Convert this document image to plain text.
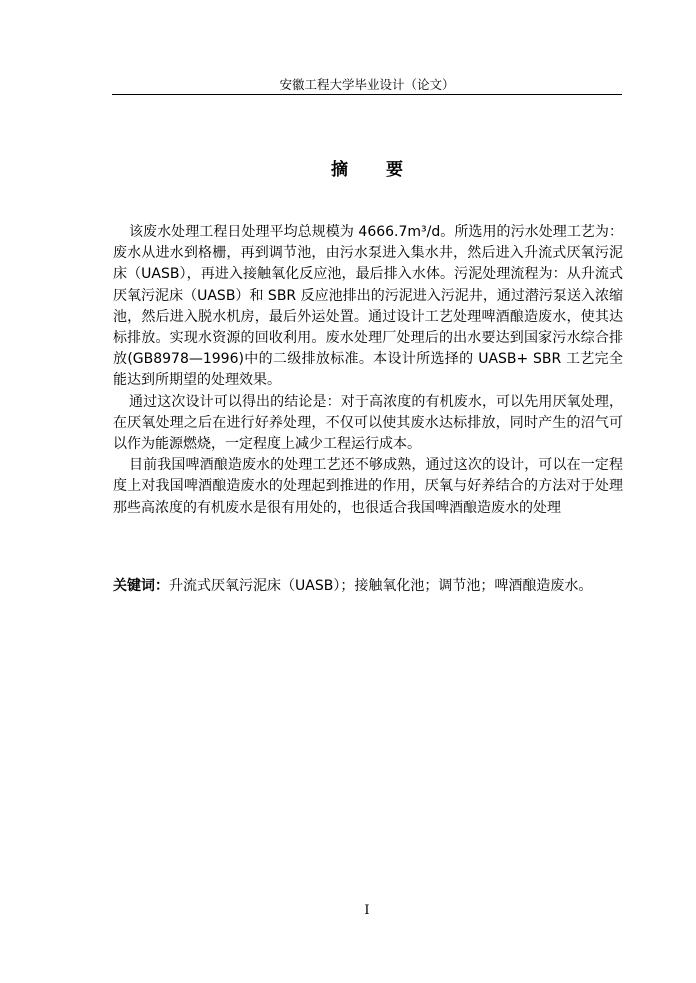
安徽工程大学毕业设计（论文）
摘要

该废水处理工程日处理平均总规模为 4666.7m³/d。所选用的污水处理工艺为：废水从进水到格栅，再到调节池，由污水泵进入集水井，然后进入升流式厌氧污泥床（UASB），再进入接触氧化反应池，最后排入水体。污泥处理流程为：从升流式厌氧污泥床（UASB）和 SBR 反应池排出的污泥进入污泥井，通过潜污泵送入浓缩池，然后进入脱水机房，最后外运处置。通过设计工艺处理啤酒酿造废水，使其达标排放。实现水资源的回收利用。废水处理厂处理后的出水要达到国家污水综合排放(GB8978—1996)中的二级排放标准。本设计所选择的 UASB+ SBR 工艺完全能达到所期望的处理效果。

通过这次设计可以得出的结论是：对于高浓度的有机废水，可以先用厌氧处理，在厌氧处理之后在进行好养处理，不仅可以使其废水达标排放，同时产生的沼气可以作为能源燃烧，一定程度上减少工程运行成本。

目前我国啤酒酿造废水的处理工艺还不够成熟，通过这次的设计，可以在一定程度上对我国啤酒酿造废水的处理起到推进的作用，厌氧与好养结合的方法对于处理那些高浓度的有机废水是很有用处的，也很适合我国啤酒酿造废水的处理

关键词：升流式厌氧污泥床（UASB）；接触氧化池；调节池；啤酒酿造废水。
I
